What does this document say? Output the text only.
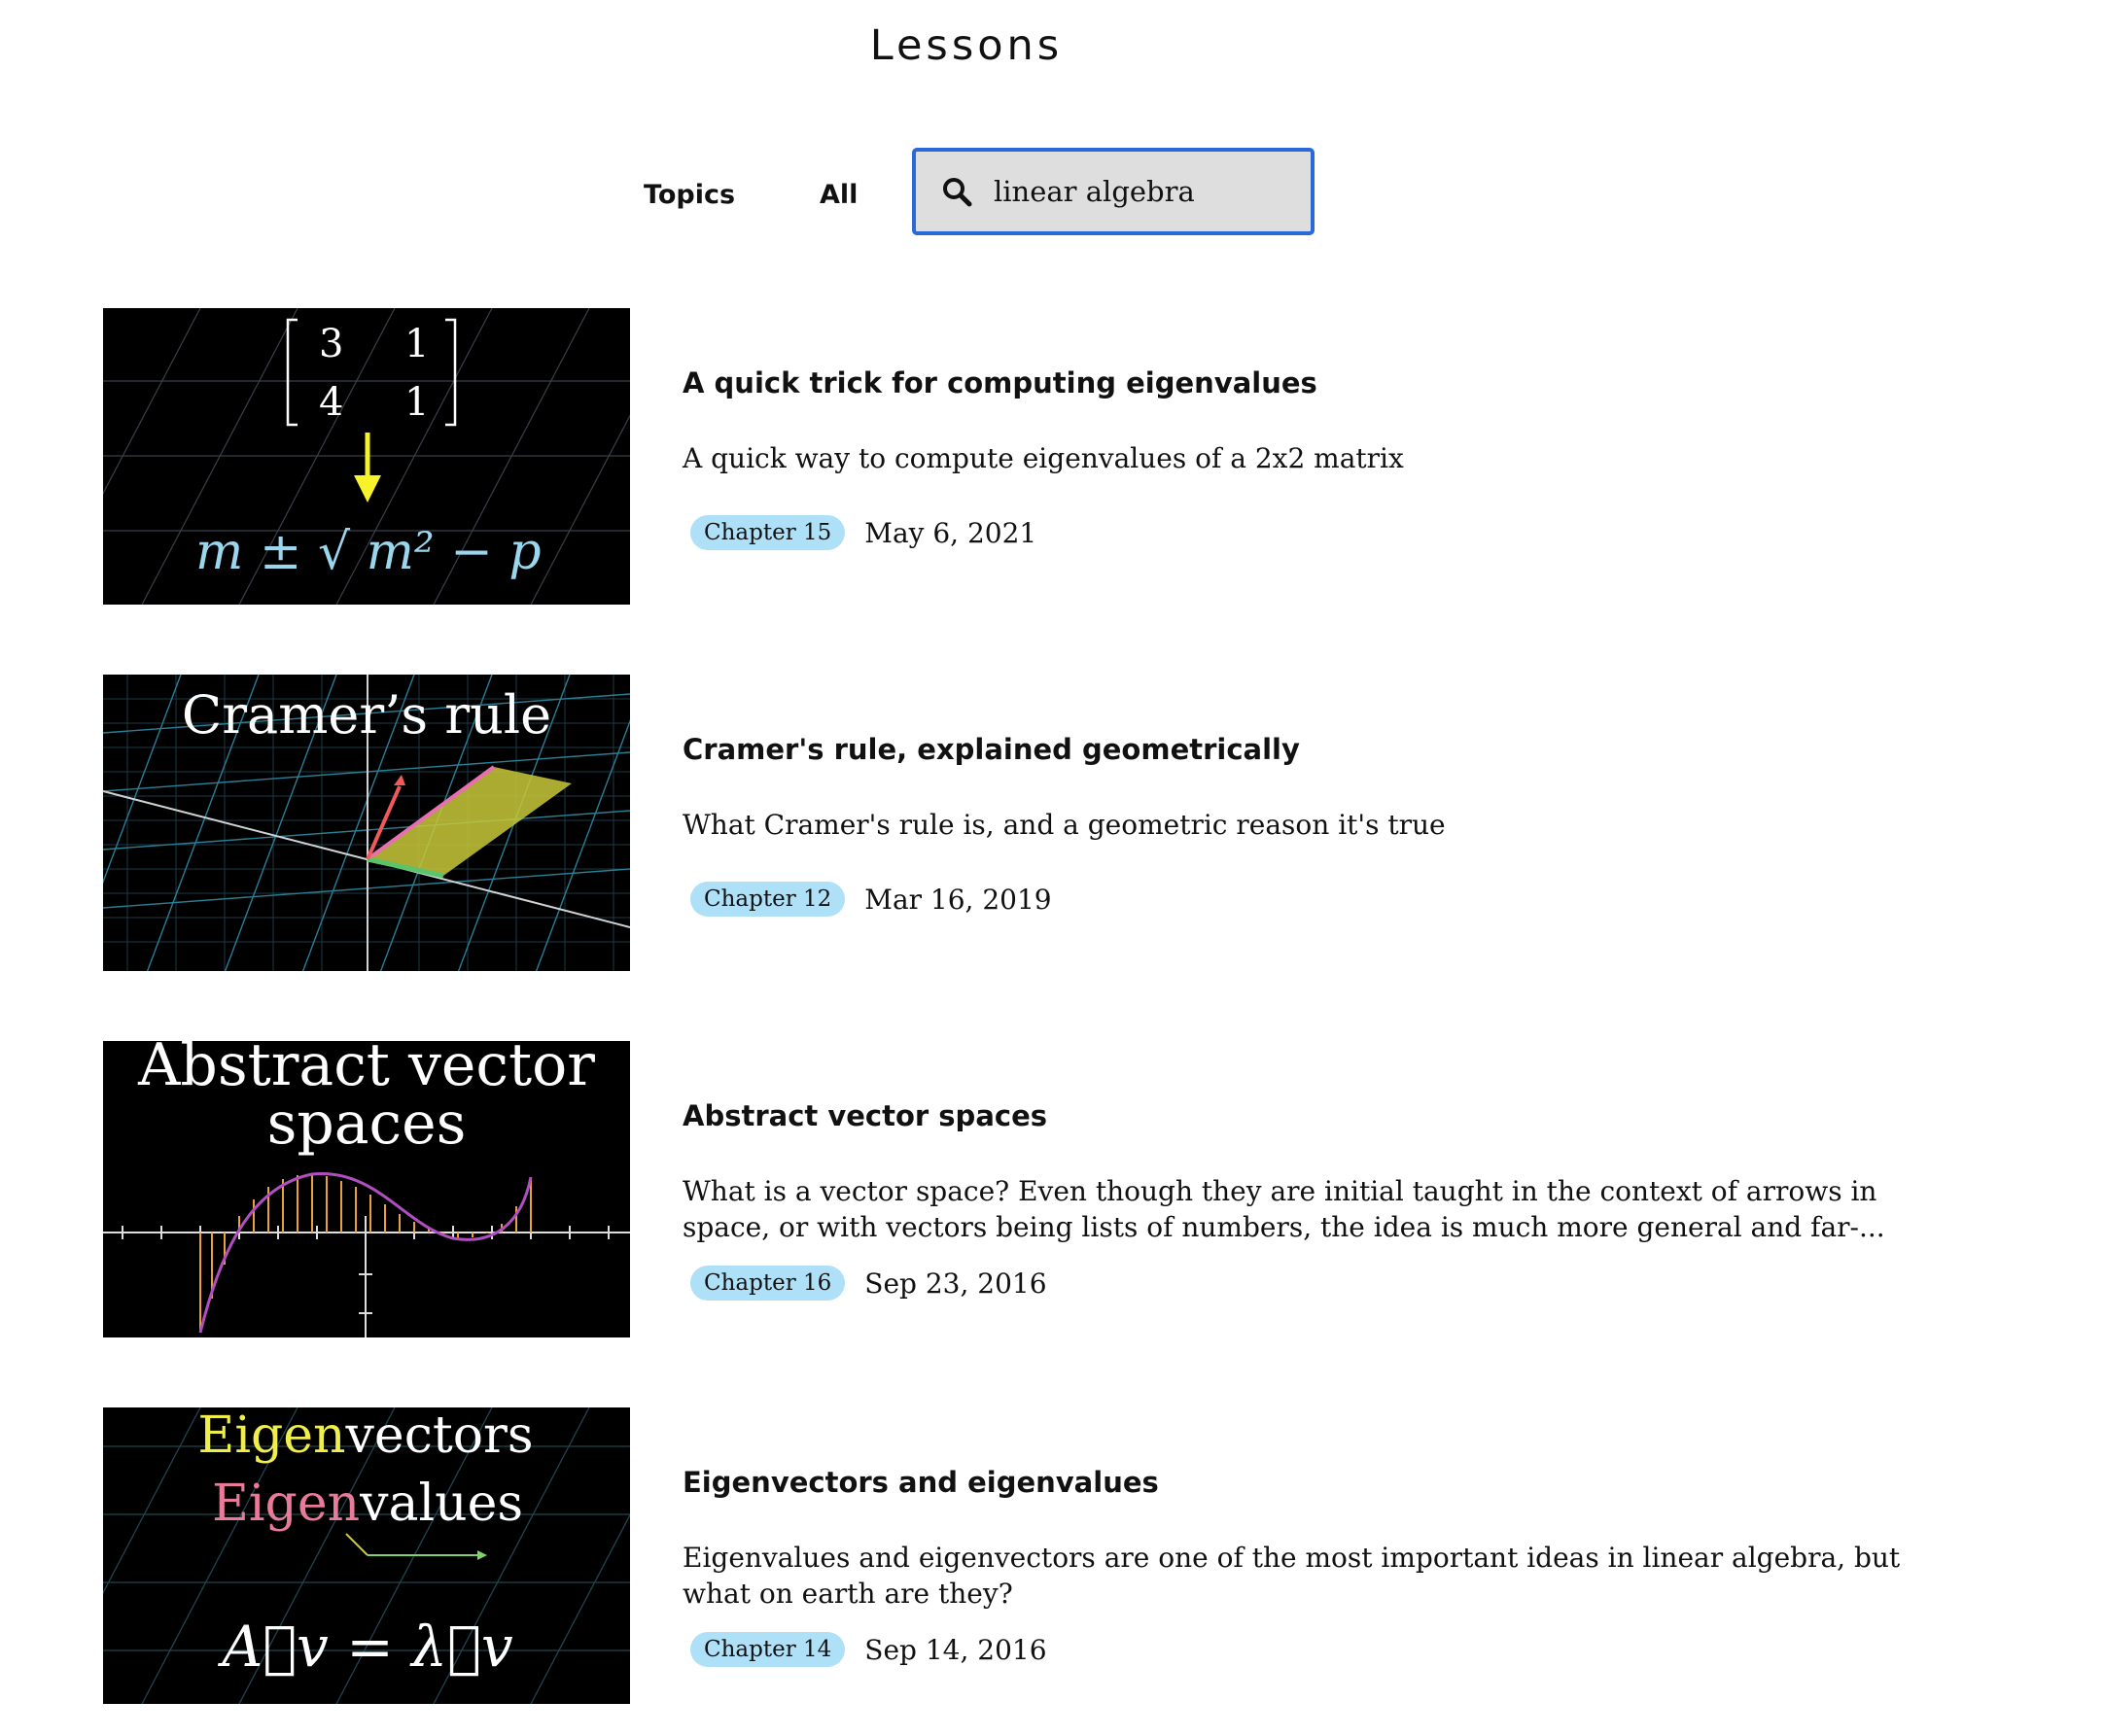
Lessons
Topics	All
linear algebra
3 1
4 1
m ± √ m² − p
A quick trick for computing eigenvalues
A quick way to compute eigenvalues of a 2x2 matrix
Chapter 15	May 6, 2021
Cramer’s rule
Cramer's rule, explained geometrically
What Cramer's rule is, and a geometric reason it's true
Chapter 12	Mar 16, 2019
Abstract vector
spaces	Abstract vector spaces
What is a vector space? Even though they are initial taught in the context of arrows in space, or with vectors being lists of numbers, the idea is much more general and far-...
Chapter 16	Sep 23, 2016
Eigenvectors
Eigenvalues
A⃗v = λ⃗v
Eigenvectors and eigenvalues
Eigenvalues and eigenvectors are one of the most important ideas in linear algebra, but what on earth are they?
Chapter 14	Sep 14, 2016
